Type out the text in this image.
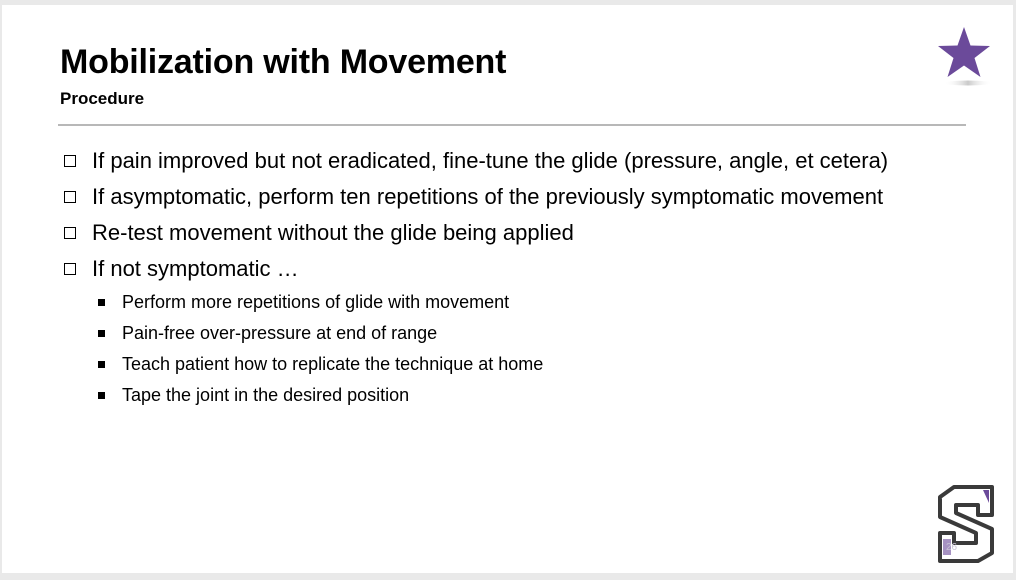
Mobilization with Movement
Procedure
If pain improved but not eradicated, fine-tune the glide (pressure, angle, et cetera)
If asymptomatic, perform ten repetitions of the previously symptomatic movement
Re-test movement without the glide being applied
If not symptomatic …
Perform more repetitions of glide with movement
Pain-free over-pressure at end of range
Teach patient how to replicate the technique at home
Tape the joint in the desired position
26
